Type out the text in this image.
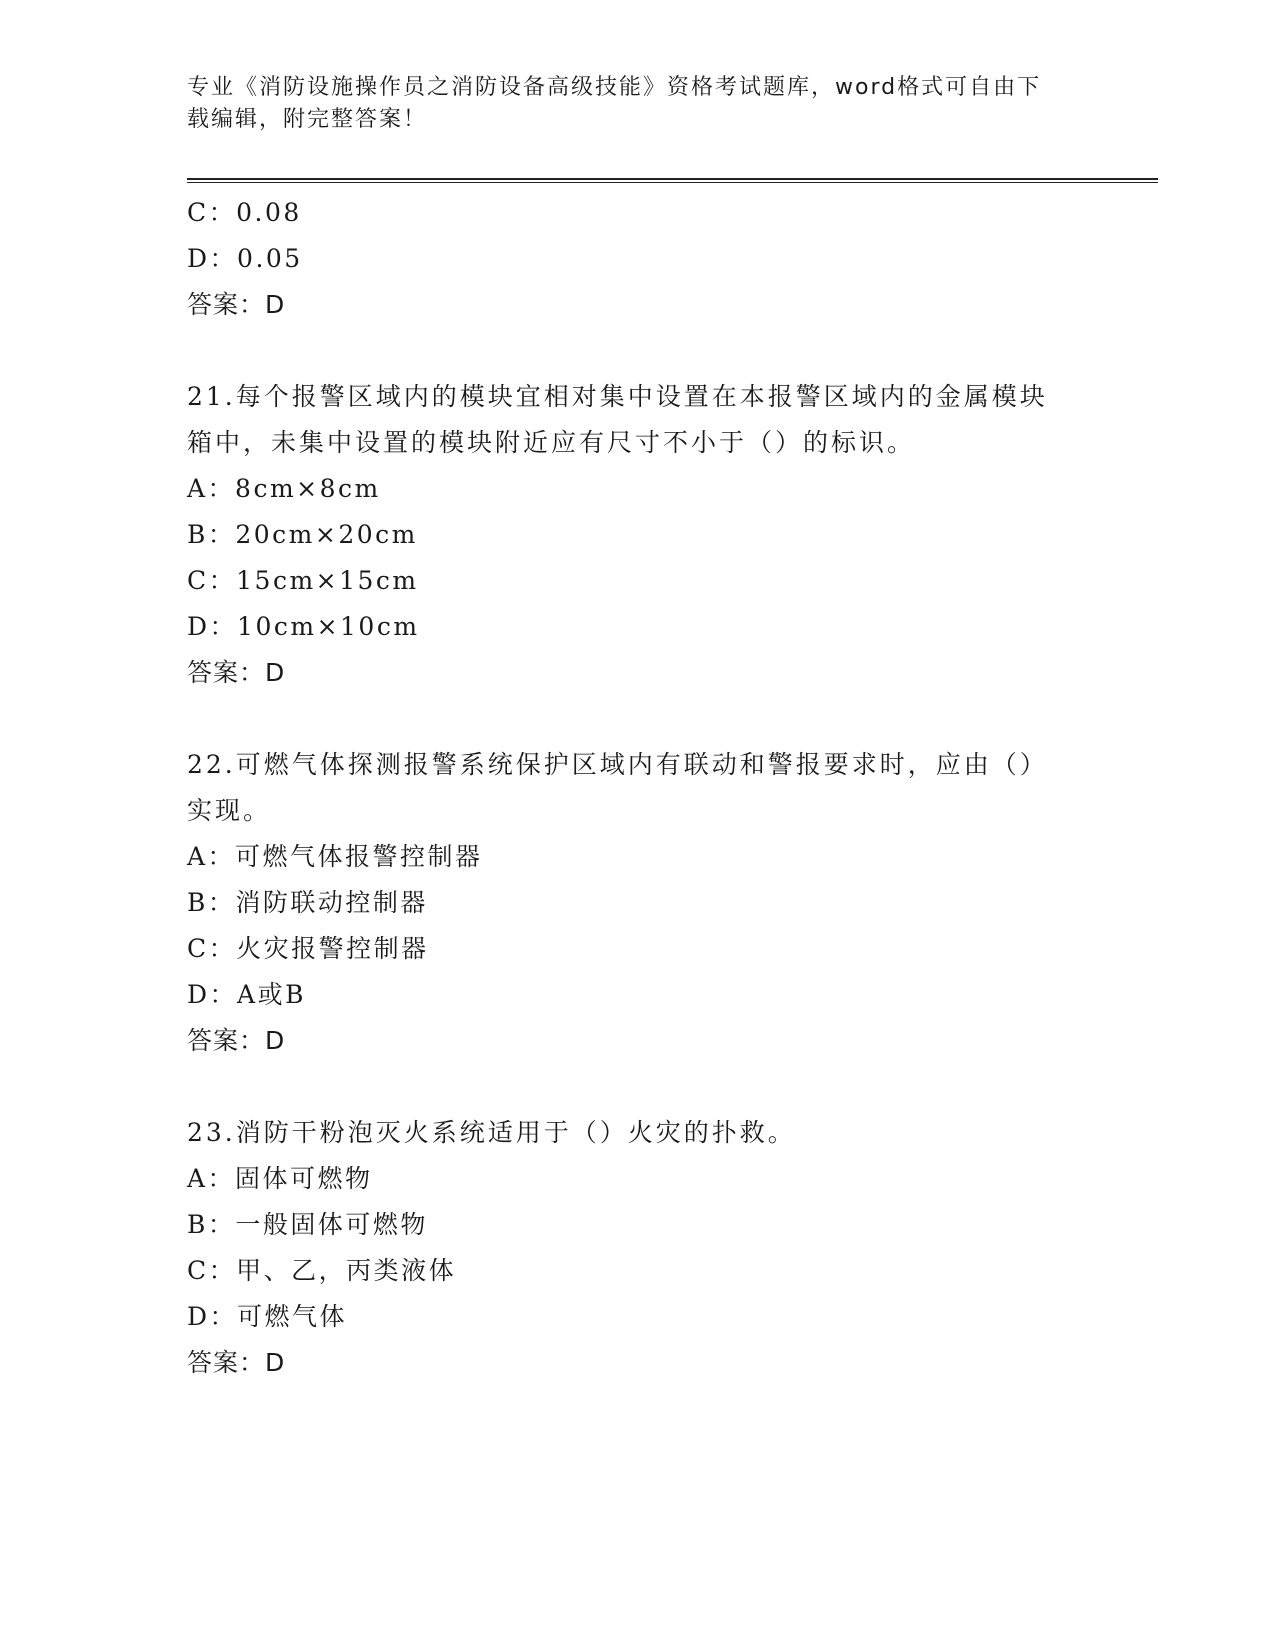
专业《消防设施操作员之消防设备高级技能》资格考试题库，word格式可自由下
载编辑，附完整答案！
C：0.08
D：0.05
答案：D
21.每个报警区域内的模块宜相对集中设置在本报警区域内的金属模块
箱中，未集中设置的模块附近应有尺寸不小于（）的标识。
A：8cm×8cm
B：20cm×20cm
C：15cm×15cm
D：10cm×10cm
答案：D
22.可燃气体探测报警系统保护区域内有联动和警报要求时，应由（）
实现。
A：可燃气体报警控制器
B：消防联动控制器
C：火灾报警控制器
D：A或B
答案：D
23.消防干粉泡灭火系统适用于（）火灾的扑救。
A：固体可燃物
B：一般固体可燃物
C：甲、乙，丙类液体
D：可燃气体
答案：D
